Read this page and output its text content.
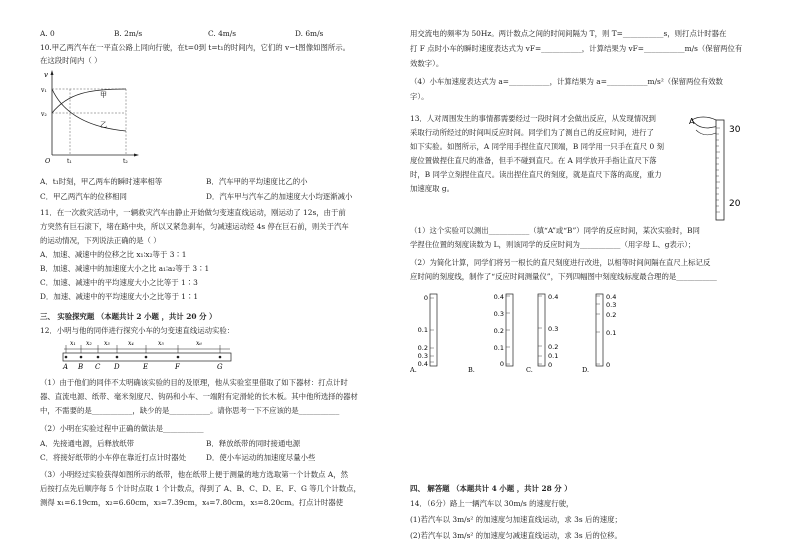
A. 0	B. 2m/s	C. 4m/s	D. 6m/s
10.甲乙两汽车在一平直公路上同向行驶，在t=0到 t=t₁的时间内，它们的 v−t图像如图所示。
在这段时间内（ ）
v
甲
乙
v₁
v₂
O	t₁	t₂
A．t₁时刻，甲乙两车的瞬时速率相等	B．汽车甲的平均速度比乙的小
C．甲乙两汽车的位移相同	D．汽车甲与汽车乙的加速度大小均逐渐减小
11．在一次救灾活动中，一辆救灾汽车由静止开始做匀变速直线运动，刚运动了 12s，由于前
方突然有巨石滚下，堵在路中央，所以又紧急刹车，匀减速运动经 4s 停在巨石前，则关于汽车
的运动情况，下列说法正确的是（ ）
A．加速、减速中的位移之比 x₁∶x₂等于 3∶1
B．加速、减速中的加速度大小之比 a₁∶a₂等于 3∶1
C．加速、减速中的平均速度大小之比等于 1∶3
D．加速、减速中的平均速度大小之比等于 1∶1
三、 实验探究题 （本题共计 2 小题 ，共计 20 分 ）
12．小明与他的同伴进行探究小车的匀变速直线运动实验：
x₁ x₂ x₃	x₄	x₅	x₆
A B C D	E	F	G
（1）由于他们的同伴不太明确该实验的目的及原理，他从实验室里借取了如下器材：打点计时
器、直流电源、纸带、毫米刻度尺、钩码和小车、一端附有定滑轮的长木板。其中他所选择的器材
中，不需要的是___________，缺少的是___________。请你思考一下不应该的是___________
（2）小明在实验过程中正确的做法是___________
A．先接通电源，后释放纸带	B．释放纸带的同时接通电源
C．将接好纸带的小车停在靠近打点计时器处	D．使小车运动的加速度尽量小些
（3）小明经过实验获得如图所示的纸带，他在纸带上便于测量的地方选取第一个计数点 A，然
后按打点先后顺序每 5 个计时点取 1 个计数点，得到了 A、B、C、D、E、F、G 等几个计数点，
测得 x₁=6.19cm，x₂=6.60cm，x₃=7.39cm，x₄=7.80cm，x₅=8.20cm。打点计时器使
用交流电的频率为 50Hz。两计数点之间的时间间隔为 T，则 T=___________s，则打点计时器在
打 F 点时小车的瞬时速度表达式为 vF=___________，计算结果为 vF=___________m/s（保留两位有
效数字）。
（4）小车加速度表达式为 a=___________，计算结果为 a=___________m/s²（保留两位有效数
字）。
13．人对周围发生的事情都需要经过一段时间才会做出反应，从发现情况到
采取行动所经过的时间叫反应时间。同学们为了测自己的反应时间，进行了
如下实验。如图所示，A 同学用手捏住直尺顶端，B 同学用一只手在直尺 0 刻
度位置做捏住直尺的准备，但手不碰到直尺。在 A 同学放开手指让直尺下落
时，B 同学立刻捏住直尺。读出捏住直尺的刻度，就是直尺下落的高度，重力
加速度取 g。
A
30
20
（1）这个实验可以测出___________（填“A”或“B”）同学的反应时间，某次实验时，B同
学捏住位置的刻度读数为 L，则该同学的反应时间为___________（用字母 L、g表示）；
（2）为简化计算，同学们将另一根长的直尺刻度进行改进，以相等时间间隔在直尺上标记反
应时间的刻度线，制作了“反应时间测量仪”，下列四幅图中刻度线标度最合理的是___________
0
0.1
0.2
0.3
0.4
A.
0.4
0.3
0.2
0.1
0
B.
0.4
0.3
0.2
0.1
0
C.
0.4
0.3
0.2
0.1
0
D.
四、 解答题 （本题共计 4 小题 ，共计 28 分 ）
14．（6分）路上一辆汽车以 30m/s 的速度行驶，
(1)若汽车以 3m/s² 的加速度匀加速直线运动，求 3s 后的速度；
(2)若汽车以 3m/s² 的加速度匀减速直线运动，求 3s 后的位移。
